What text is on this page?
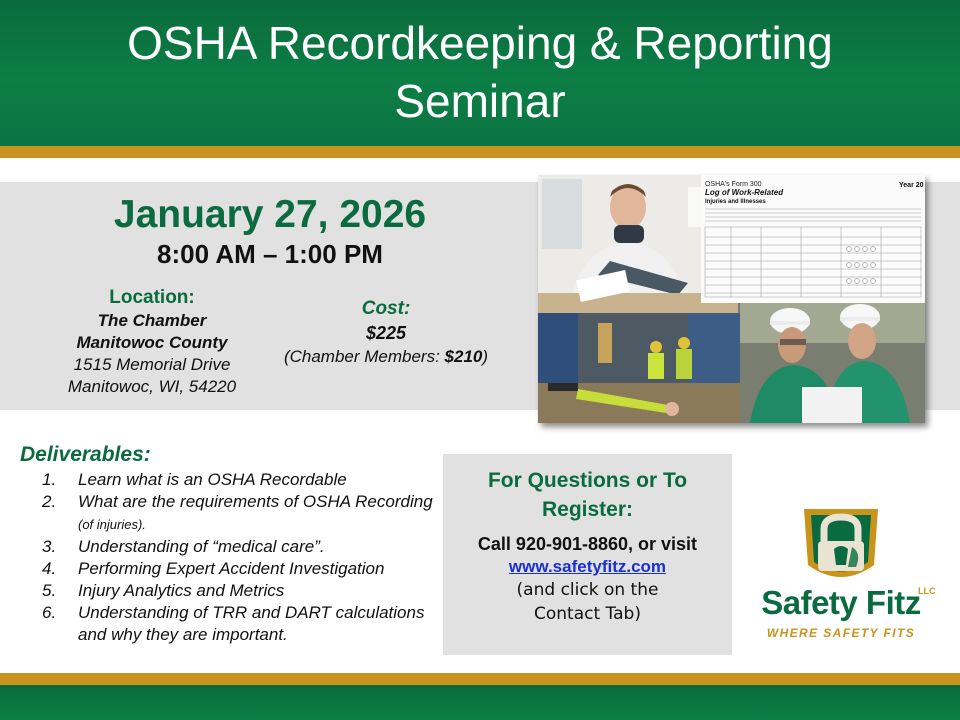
OSHA Recordkeeping & Reporting
Seminar
January 27, 2026
8:00 AM – 1:00 PM
Location:
The Chamber
Manitowoc County
1515 Memorial Drive
Manitowoc, WI, 54220
Cost:
$225
(Chamber Members: $210)
OSHA's Form 300
Log of Work-Related
Injuries and Illnesses
Year 20
Deliverables:
1.	Learn what is an OSHA Recordable
2.	What are the requirements of OSHA Recording (of injuries).
3.	Understanding of “medical care”.
4.	Performing Expert Accident Investigation
5.	Injury Analytics and Metrics
6.	Understanding of TRR and DART calculations and why they are important.
For Questions or To
Register:
Call 920-901-8860, or visit
www.safetyfitz.com
(and click on the
Contact Tab)	Safety Fitz
LLC
WHERE SAFETY FITS
